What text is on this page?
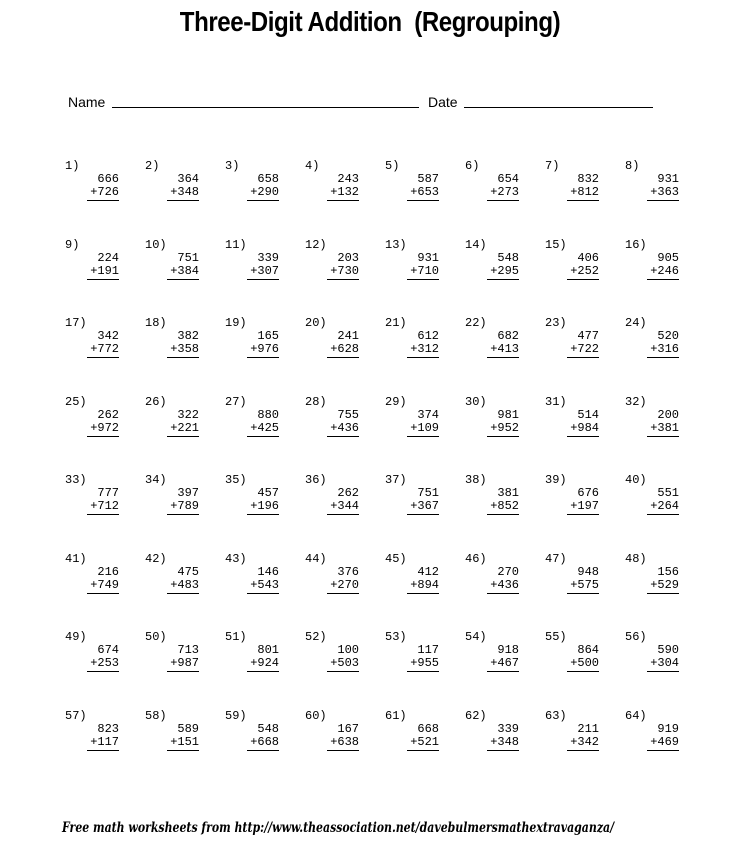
Three-Digit Addition  (Regrouping)
Name	Date
1)
666
+726
2)
364
+348
3)
658
+290
4)
243
+132
5)
587
+653
6)
654
+273
7)
832
+812
8)
931
+363
9)
224
+191
10)
751
+384
11)
339
+307
12)
203
+730
13)
931
+710
14)
548
+295
15)
406
+252
16)
905
+246
17)
342
+772
18)
382
+358
19)
165
+976
20)
241
+628
21)
612
+312
22)
682
+413
23)
477
+722
24)
520
+316
25)
262
+972
26)
322
+221
27)
880
+425
28)
755
+436
29)
374
+109
30)
981
+952
31)
514
+984
32)
200
+381
33)
777
+712
34)
397
+789
35)
457
+196
36)
262
+344
37)
751
+367
38)
381
+852
39)
676
+197
40)
551
+264
41)
216
+749
42)
475
+483
43)
146
+543
44)
376
+270
45)
412
+894
46)
270
+436
47)
948
+575
48)
156
+529
49)
674
+253
50)
713
+987
51)
801
+924
52)
100
+503
53)
117
+955
54)
918
+467
55)
864
+500
56)
590
+304
57)
823
+117
58)
589
+151
59)
548
+668
60)
167
+638
61)
668
+521
62)
339
+348
63)
211
+342
64)
919
+469
Free math worksheets from http://www.theassociation.net/davebulmersmathextravaganza/
